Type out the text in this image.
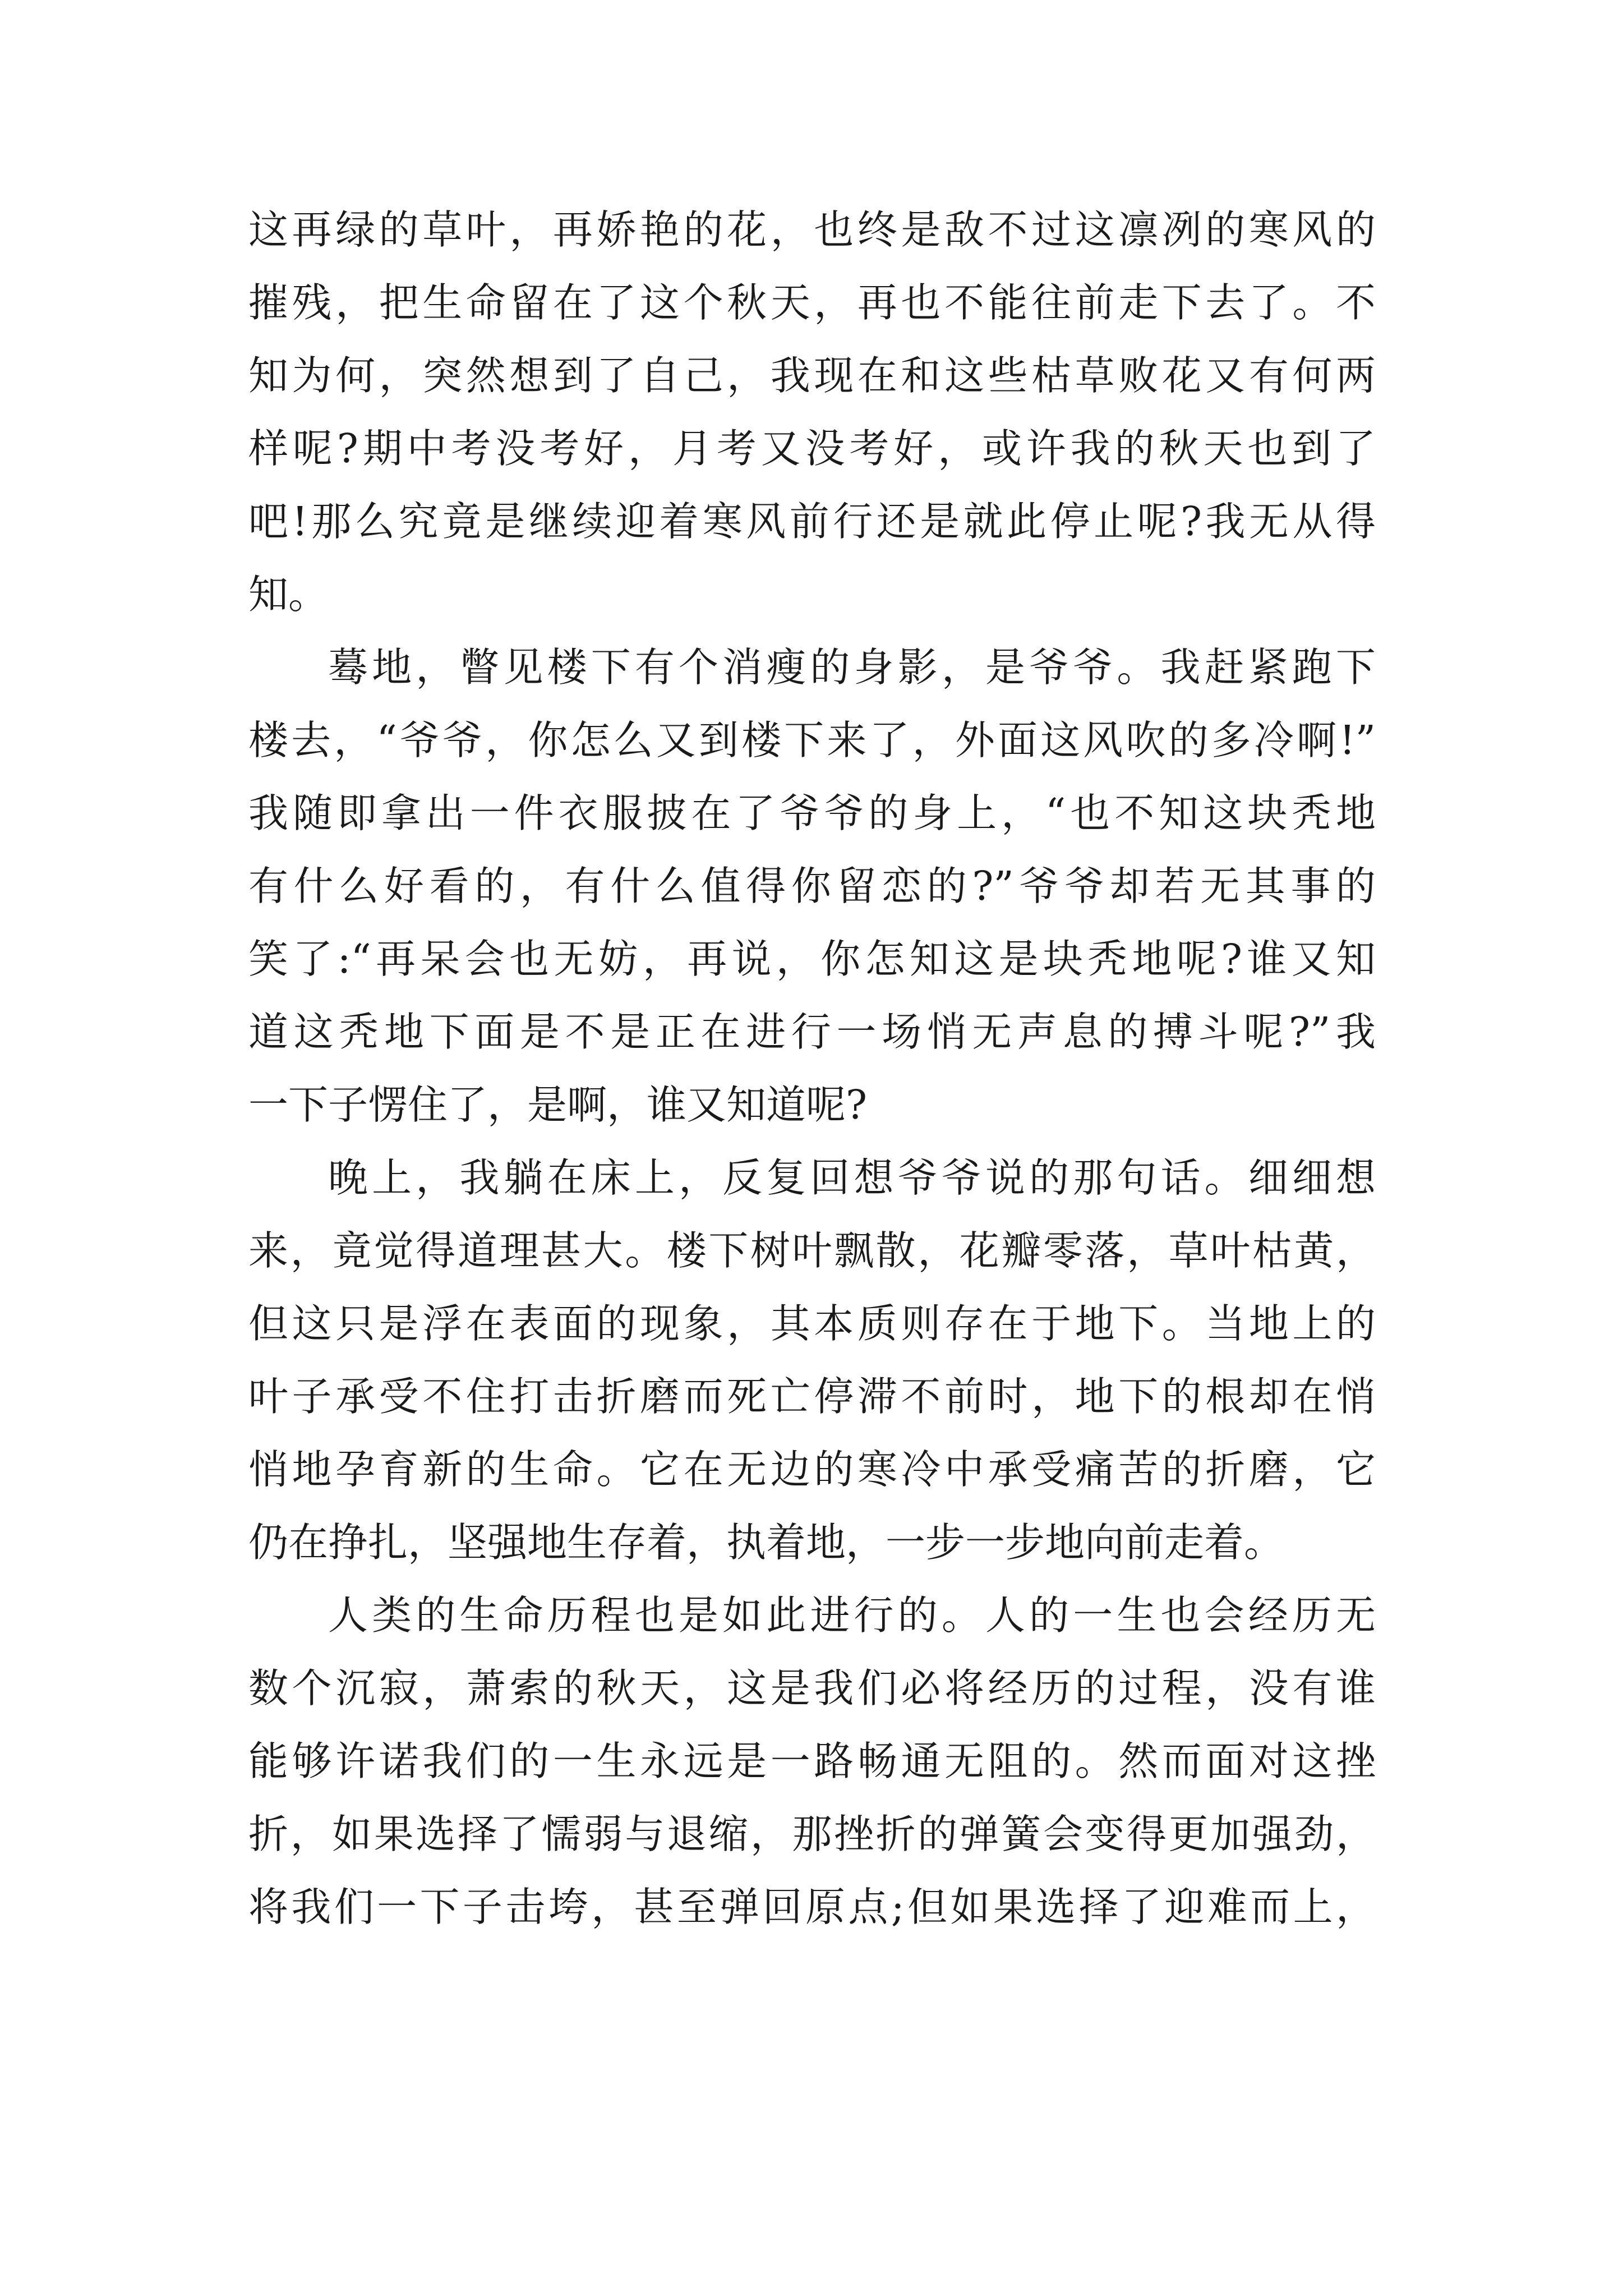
这再绿的草叶，再娇艳的花，也终是敌不过这凛冽的寒风的
摧残，把生命留在了这个秋天，再也不能往前走下去了。不
知为何，突然想到了自己，我现在和这些枯草败花又有何两
样呢?期中考没考好，月考又没考好，或许我的秋天也到了
吧!那么究竟是继续迎着寒风前行还是就此停止呢?我无从得
知。
蓦地，瞥见楼下有个消瘦的身影，是爷爷。我赶紧跑下
楼去，“爷爷，你怎么又到楼下来了，外面这风吹的多冷啊!”
我随即拿出一件衣服披在了爷爷的身上，“也不知这块秃地
有什么好看的，有什么值得你留恋的?”爷爷却若无其事的
笑了:“再呆会也无妨，再说，你怎知这是块秃地呢?谁又知
道这秃地下面是不是正在进行一场悄无声息的搏斗呢?”我
一下子愣住了，是啊，谁又知道呢?
晚上，我躺在床上，反复回想爷爷说的那句话。细细想
来，竟觉得道理甚大。楼下树叶飘散，花瓣零落，草叶枯黄，
但这只是浮在表面的现象，其本质则存在于地下。当地上的
叶子承受不住打击折磨而死亡停滞不前时，地下的根却在悄
悄地孕育新的生命。它在无边的寒冷中承受痛苦的折磨，它
仍在挣扎，坚强地生存着，执着地，一步一步地向前走着。
人类的生命历程也是如此进行的。人的一生也会经历无
数个沉寂，萧索的秋天，这是我们必将经历的过程，没有谁
能够许诺我们的一生永远是一路畅通无阻的。然而面对这挫
折，如果选择了懦弱与退缩，那挫折的弹簧会变得更加强劲，
将我们一下子击垮，甚至弹回原点;但如果选择了迎难而上，
